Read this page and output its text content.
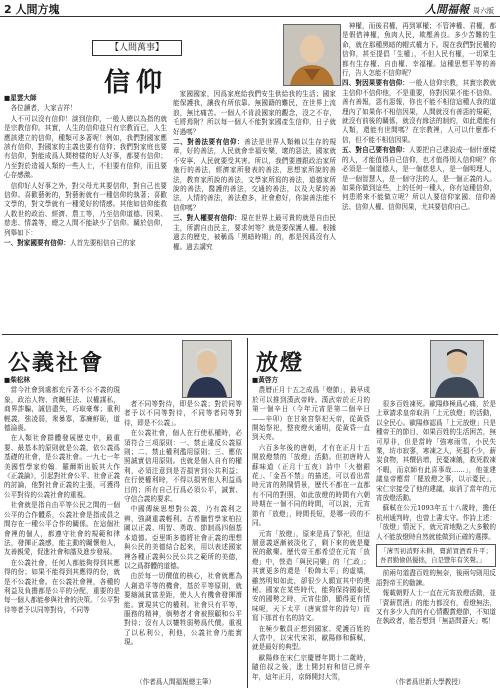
2 人間方塊	人間福報 周六版
【人間萬事】
信仰

■星雲大師

各位讀者，大家吉祥！

人不可以沒有信仰！談到信仰，一般人總以為指的就是宗教信仰。其實，人生的信仰並只有宗教而已，人生應該建立的信仰，種類可多著呢！例如，我們對國家應該有信仰，對國家的主義也要有信仰；我們對家庭也要有信仰，對能成爲人間榜樣的好人好事，都要有信仰；乃至對於造福人類的一些人士，不但要有信仰，而且要心存感激。

信仰好人好事之外，對父母尤其要信仰，對自己也要信仰。喜歡藝術的，對藝術就有一種信仰的執著；喜歡文學的，對文學就有一種愛好的情感。其他如信仰能救人救世的政治、經濟、農工等，乃至信仰道德、因果、慈悲、情義等，總之人間不能缺少了信仰。關於信仰，列舉如下：

一、對家國要有信仰：人首先要相信自己的家

家國國家，因爲家庭給我們安生供給我的生活；國家能保護我，讓我有所依靠。無國籍的難民，在世界上流浪，無比痛苦。一個人不肯設國家的觀念，沒之不存，乇將焉附？所以每一個人不能對家國產生信仰，日子就好過嗎？

二、對善法要有信仰：善法是世界人類賴以生存的規章，好的善法，人民就會幸福安樂，壞的惡法，國家就不安寧，人民就要受其害。所以，我們要遵跟政治家所施行的善法，經濟家所發表的善法，思想家所說的善法，教育家所說的善法，文學家所寫的善法，道德家所說的善法，醫護的善法，交通的善法，以及大眾的善法，人情的善法，善法愈多，社會愈好，你說善法能不信仰嗎？

三、對人權要有信仰：現在世界上最可貴的就是自由民主，所謂自由民主，要求何等？就是要保護人權。根據過去的歷史，被稱爲「黑暗時期」的，都是因爲沒有人權。過去講究

神權，而後君權，再到軍權；不管神權、君權，都是假借神權，魚肉人民，欺壓善良。多少苦難的生命，就在那種黑暗的帽式權力下。現在我們對民權的信仰，甚至提倡「生權」，不但人民有權，一切眾生都有生存權、自由權、幸福權。這種思想平等的善行，告人怎能不信仰呢？

四、對因果要有信仰：一般人信仰宗教，其實宗教就主信仰不信仰他，不是重要，你對因果不能不信仰。善有善報，惡有惡報，你也不能不相信這種人我的道理內了如果你不相信因果，人間就沒有善惡的規範，就沒有前後的關係，就沒有緣法的制約，如此還能有人類，還能有世間嗎？在宗教裡，人可以什麼都不信，但不能不相信因果。

五、對自己要有信仰：人要把自己建設成一個什麼樣的人，才能值得自己信仰，也才值得別人信仰呢？你必須是一個道德人，是一個慈悲人，是一個明理人，是一個智慧人，是一個守法的人，是一個正義的人。如果你做到這些，上的任何一種人，你有這種信仰，何患將來不能做立呢？所以人要信仰家國、信仰善法、信仰人權、信仰因果，尤其要信仰自己。

公義社會

■柴松林

當今社會到處都充斥著不公不義的現象，政治人物、貪贓枉法、以權謀私，商界詐騙，誠信盡失，巧取豪奪；重利輕義，強凌弱，衆暴寡，寡廉鮮恥，道德淪喪。

在人類社會群體發展歷史中，最重要、最基本的原則就是公義，依公義爲基礎的社會，是公義社會。一九七一年美國哲學家約翰．羅爾斯出版其大作《正義論》，引起對社會公平、社會正義的討論，他對社會正義的主張，可獲得公平對待的公義社會的重視。

社會就是指自由平等公民之間的一個公平的合作體系，公義社會是指成員之間存在一種公平合作的關係。在這個社會裡的個人，都遵守社會的規範和律法，發揮正義感，能主動的關懷他人，友善親愛，促進社會和諧及進步發展。

在公義社會，任何人都能夠得到其應得的份；如果不能得到其應得的份，就是不公義社會。在公義社會裡，各種的利益及負擔都是公平的分配，重要的是每一個人都能參與社會的決策。「公平對待等者予以同等對待，不同等

者不同等對待，即是公義；對於同等者予以不同等對待，不同等者同等對待，即是不公義」。

在公義社會，個人在行使私權時，必須符合三項原則：一、禁止違反公義原則；二、禁止權利濫用原則；三、應依照誠實信用原則。也就是個人自有的權利，必須注意到是否損害到公共利益；在行使權利時，不得以損害他人利益爲目的；所有自己行爲必須公平，誠實、守信合義的要求。

中國傳統思想對公義，乃有義利之辨，強調重義輕利。古希臘哲學家柏拉圖以正義、明智、勇敢、節制爲四個基本道德。亞里斯多德將社會正義的理想與公民的美德結合起來，用以表述國家裡各種正義與公民公共之範所的美德，以之爲群體的道德。

由於每一切價值的核心，社會就應為人創造平等的機會，基於平等原則，就要縮減貧富差距，使人人有機會發揮潛能。實現其它的權利。社會只有平等，服務的精神，倘勢者才會被照顧和公平對待；沒有人以犧牲弱勢爲代價。重視了以私利公，利他，公義社會乃能實現。

（作者爲人間福報總主筆）
放燈

■黃啓方

農曆正月十五之成爲「燈節」，最早成於可以推到漢武帝時。漢武帝於正月的第一個辛日（今年元宵是第二個辛日——辛卯）在甘泉宮祭祀天帝，從黃昏開始祭祀，整夜燈火通明，從黃昏一直到天亮。

六百多年後的唐朝，才有在正月十五開放燈禁的「放燈」活動。但初唐時人蘇味道（正月十五夜）詩中「火樹銀花」、「金吾不禁」的描述，可以看出當時元宵的熱鬧情景，歷代不都在一直都有不同的對照，如此放燈的時間有六朝時期在一個不同的時間，可以說，元宵節有「放燈」，時間長短，是哪一段的不同。

元宵「放燈」，原來是爲了祭祀，但這層意義逐漸被淡化了，剩下來的就是慶祝的歡樂。歷代帝王都希望在元宵「放燈」中，營造「與民同樂」的「仁政」；其實更多的還是「粉飾太平」的虛矯，雖然明知如此，卻很少人願宣其中的奧秘。國家在某些時代，能夠保持國泰民安的國勢之時，元宵佳節，顯得更有情味呢，天下太平（唐寅當年的詩句）而寫下那首有名的詩文。

在極少數員正想到國家、愛護百姓的人當中，以宋代宋祁，歐陽修和蘇軾，就是最好的典型。

歐陽修在宋仁宗慶曆年間十二歲時，隨伯叔之後，進士開封府和信已經辛年，這年正月，京師開封大雪，

很多百姓凍死。歐陽修極爲心痛，於是上章請求皇帝取消「上元放燈」的活動，以全民心。歐陽修認爲「上元放燈」只是種帝王的節目，如果百姓的生活困苦，無可厚非，但是當時「強寒雨雪，小民失業，坊市寂寥，寒凍之人，死損不少，薪炭食物，其價倍增，民憂凍餓，救死救凍不暇，而京師有此喜事哉……」，他並建議皇帝應當「罷放燈之事，以示憂民」，宋仁宗接受了他的建議，取消了當年的元宵放燈活動。

蘇軾在公元1093年五十八歲時，擔任杭州通判時，也曾上書太守。作詩上述：「放燈」情況下，就元宵地點之大多數的人不能放燈時自然就能做到正確的選擇。

「薄雪初消野未耕，賣薪買酒看升平；吾君勤儉倡優拙，自是豐年有笑聲。」

前兩句道盡百姓的無奈，後兩句則用反語對帝王的勸諫。

報載朝野人士一直在元宵放燈活動，並「賣薪買酒」的能力都沒有，看燈無法，又有多少人真的有心情觀賞燈節，不知道在執政者，能否想到「無語問蒼天」嗎！

（作者爲世新大學教授）
